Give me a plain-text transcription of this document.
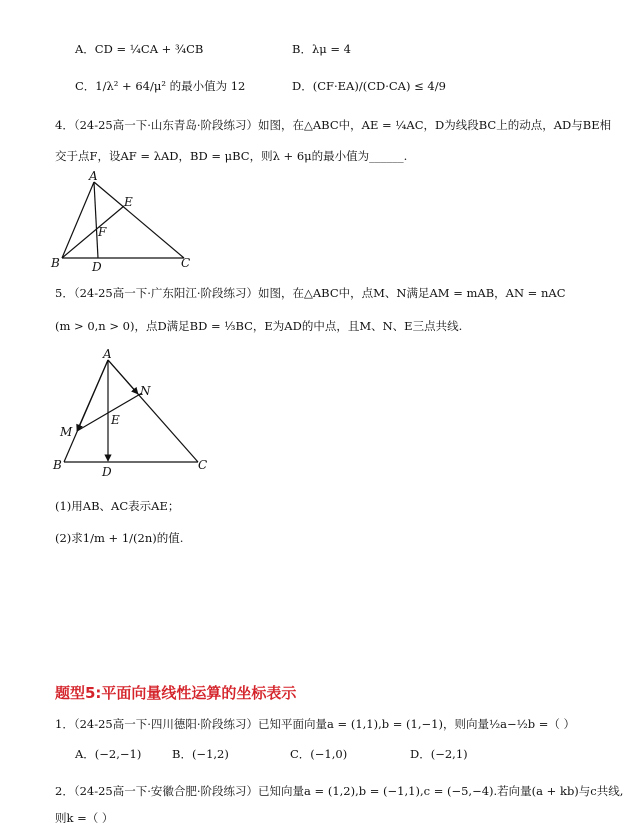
A．CD = ¼CA + ¾CB	B．λμ = 4
C．1/λ² + 64/μ² 的最小值为 12	D．(CF·EA)/(CD·CA) ≤ 4/9
4．（24-25高一下·山东青岛·阶段练习）如图，在△ABC中，AE = ¼AC，D为线段BC上的动点，AD与BE相
交于点F，设AF = λAD，BD = μBC，则λ + 6μ的最小值为______.
A
B	C
D
E
F
5．（24-25高一下·广东阳江·阶段练习）如图，在△ABC中，点M、N满足AM = mAB，AN = nAC
(m > 0,n > 0)，点D满足BD = ⅓BC，E为AD的中点，且M、N、E三点共线.
A
B	C
D
E
M
N
(1)用AB、AC表示AE；
(2)求1/m + 1/(2n)的值.
题型5:平面向量线性运算的坐标表示
1．（24-25高一下·四川德阳·阶段练习）已知平面向量a = (1,1),b = (1,−1)，则向量½a−½b =（ ）
A．(−2,−1)	B．(−1,2)	C．(−1,0)	D．(−2,1)
2．（24-25高一下·安徽合肥·阶段练习）已知向量a = (1,2),b = (−1,1),c = (−5,−4).若向量(a + kb)与c共线,
则k =（ ）
